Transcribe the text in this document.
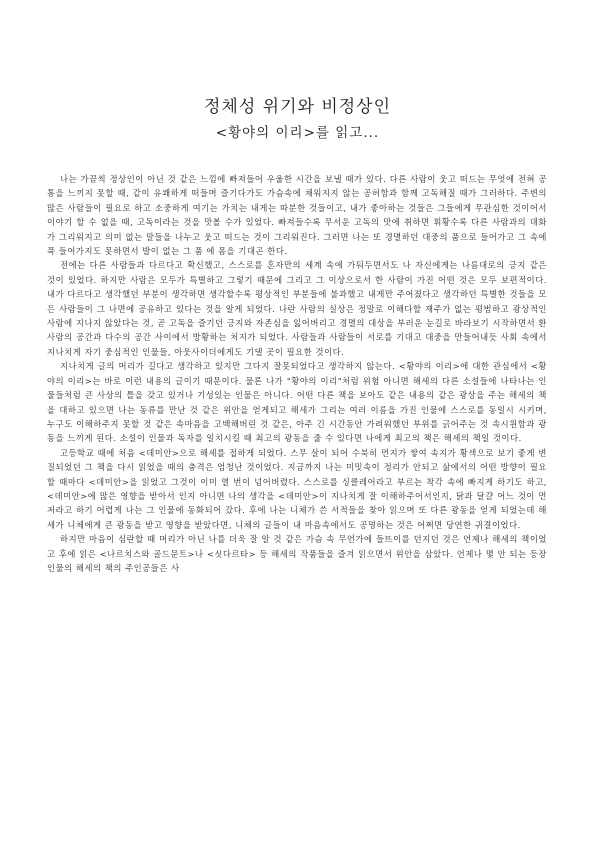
정체성 위기와 비정상인
<황야의 이리>를 읽고...

나는 가끔씩 정상인이 아닌 것 같은 느낌에 빠져들어 우울한 시간을 보낼 때가 있다. 다른 사람이 웃고 떠드는 무엇에 전혀 공통을 느끼지 못할 때, 같이 유쾌하게 떠들며 즐기다가도 가슴속에 채워지지 않는 공허함과 함께 고독해질 때가 그러하다. 주변의 많은 사람들이 필요로 하고 소중하게 여기는 가치는 내게는 따분한 것들이고, 내가 좋아하는 것들은 그들에게 무관심한 것이어서 이야기 할 수 없을 때, 고독이라는 것을 맛볼 수가 있었다. 빠져들수록 무서운 고독의 맛에 취하면 휘황수록 다른 사람과의 대화가 그리워지고 의미 없는 말들을 나누고 웃고 떠드는 것이 그리워진다. 그러면 나는 또 경멸하던 대중의 품으로 들어가고 그 속에 푹 들어가지도 못하면서 발이 없는 그 품 에 몸을 기대곤 한다.

전에는 다른 사람들과 다르다고 확신했고, 스스로를 혼자만의 세계 속에 가둬두면서도 나 자신에게는 나름대로의 긍지 같은 것이 있었다. 하지만 사람은 모두가 특별하고 그렇기 때문에 그리고 그 이상으로서 한 사람이 가진 어떤 것은 모두 보편적이다. 내가 다르다고 생각했던 부분이 생각하면 생각할수록 평상적인 부분들에 불과했고 내게만 주어졌다고 생각하던 특별한 것들을 모든 사람들이 그 나면에 공유하고 있다는 것을 알게 되었다. 나란 사람의 실상은 정말로 이해다할 재주가 없는 평범하고 광상적인 사람에 지나지 않았다는 것, 곧 고독을 즐기던 긍지와 자존심을 잃어버리고 경멸의 대상을 부러운 눈길로 바라보기 시작하면서 환사람의 공간과 다수의 공간 사이에서 방황하는 처지가 되었다. 사람들과 사람들이 서로를 기대고 대중을 만들어내듯 사회 속에서 지나치게 자기 중심적인 인물들, 아웃사이더에게도 기댈 곳이 필요한 것이다.

지나치게 글의 머리가 길다고 생각하고 있지만 그다지 잘못되었다고 생각하지 않는다. <황야의 이리>에 대한 관심에서 <황야의 이리>는 바로 이런 내용의 글이기 때문이다. 물론 나가 "황야의 이리"처럼 위험 아니면 해세의 다른 소설들에 나타나는 인물들처럼 큰 사상의 틀을 갖고 있거나 기성있는 인물은 아니다. 어떤 다른 책을 보아도 같은 내용의 같은 광상을 주는 해세의 책을 대하고 있으면 나는 동류를 만난 것 같은 위안을 얻게되고 해세가 그리는 여러 이름을 가진 인물에 스스로를 동일시 시키며, 누구도 이해하주지 못할 것 같은 속마음을 고백해버린 것 같은, 아주 긴 시간동안 가려워했던 부위를 긁어주는 것 속시원함과 광동을 느끼게 된다. 소설이 인물과 독자를 일치시킬 때 최고의 광동을 줄 수 있다면 나에게 최고의 책은 해세의 책일 것이다.

고등학교 때에 처음 <데미안>으로 해세를 접하게 되었다. 스무 살이 되어 수북히 먼지가 쌓여 속지가 황색으로 보기 좋게 변질되었던 그 책을 다시 읽었을 때의 충격은 엄청난 것이었다. 지금까지 나는 미밋속이 정리가 안되고 삶에서의 어떤 방향이 필요할 때마다 <데미안>을 읽었고 그것이 이미 열 번이 넘어버렸다. 스스로를 싱클레어라고 부르는 착각 속에 빠지게 하기도 하고, <데미안>에 많은 영향을 받아서 인지 아니면 나의 생각을 <데미안>이 지나치게 잘 이해하주어서인지, 닭과 달걀 어느 것이 먼저라고 하기 어렵게 나는 그 인물에 동화되어 갔다. 후에 나는 니체가 쓴 서적들을 찾아 읽으며 또 다른 광동을 얻게 되었는데 해세가 니체에게 큰 광동을 받고 영향을 받았다면, 니체의 글들이 내 마음속에서도 공명하는 것은 어쩌면 당연한 귀결이었다.

하지만 마음이 심란할 때 머리가 아닌 나를 더욱 잘 알 것 같은 가슴 속 무언가에 들뜨이를 던지던 것은 언제나 해세의 책이었고 후에 읽은 <나르치스와 골드문트>나 <싯다르타> 등 해세의 작품들을 즐겨 읽으면서 위안을 삼았다. 언제나 몇 안 되는 등장인물의 해세의 책의 주인공들은 사
